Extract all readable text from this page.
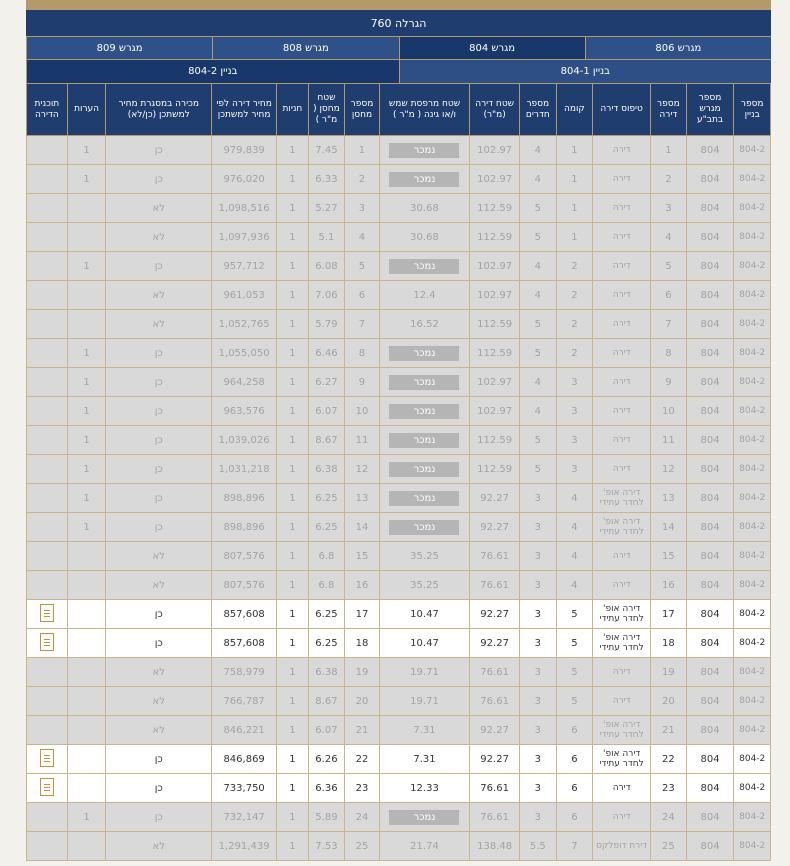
הגרלה 760
מגרש 806
מגרש 804
מגרש 808
מגרש 809
בניין 804-1
בניין 804-2
מספר בניין	מספר מגרש בתב"ע	מספר דירה	טיפוס דירה	קומה	מספר חדרים	שטח דירה (מ"ר)	שטח מרפסת שמש ו/או גינה ( מ"ר )	מספר מחסן	שטח מחסן ( מ"ר )	חניות	מחיר דירה לפי מחיר למשתכן	מכירה במסגרת מחיר למשתכן (כן/לא)	הערות	תוכנית הדירה
804-2	804	1	דירה	1	4	102.97	נמכר	1	7.45	1	979,839	כן	1	
804-2	804	2	דירה	1	4	102.97	נמכר	2	6.33	1	976,020	כן	1	
804-2	804	3	דירה	1	5	112.59	30.68	3	5.27	1	1,098,516	לא		
804-2	804	4	דירה	1	5	112.59	30.68	4	5.1	1	1,097,936	לא		
804-2	804	5	דירה	2	4	102.97	נמכר	5	6.08	1	957,712	כן	1	
804-2	804	6	דירה	2	4	102.97	12.4	6	7.06	1	961,053	לא		
804-2	804	7	דירה	2	5	112.59	16.52	7	5.79	1	1,052,765	לא		
804-2	804	8	דירה	2	5	112.59	נמכר	8	6.46	1	1,055,050	כן	1	
804-2	804	9	דירה	3	4	102.97	נמכר	9	6.27	1	964,258	כן	1	
804-2	804	10	דירה	3	4	102.97	נמכר	10	6.07	1	963,576	כן	1	
804-2	804	11	דירה	3	5	112.59	נמכר	11	8.67	1	1,039,026	כן	1	
804-2	804	12	דירה	3	5	112.59	נמכר	12	6.38	1	1,031,218	כן	1	
804-2	804	13	דירה אופ' לחדר עתידי	4	3	92.27	נמכר	13	6.25	1	898,896	כן	1	
804-2	804	14	דירה אופ' לחדר עתידי	4	3	92.27	נמכר	14	6.25	1	898,896	כן	1	
804-2	804	15	דירה	4	3	76.61	35.25	15	6.8	1	807,576	לא		
804-2	804	16	דירה	4	3	76.61	35.25	16	6.8	1	807,576	לא		
804-2	804	17	דירה אופ' לחדר עתידי	5	3	92.27	10.47	17	6.25	1	857,608	כן		
804-2	804	18	דירה אופ' לחדר עתידי	5	3	92.27	10.47	18	6.25	1	857,608	כן		
804-2	804	19	דירה	5	3	76.61	19.71	19	6.38	1	758,979	לא		
804-2	804	20	דירה	5	3	76.61	19.71	20	8.67	1	766,787	לא		
804-2	804	21	דירה אופ' לחדר עתידי	6	3	92.27	7.31	21	6.07	1	846,221	לא		
804-2	804	22	דירה אופ' לחדר עתידי	6	3	92.27	7.31	22	6.26	1	846,869	כן		
804-2	804	23	דירה	6	3	76.61	12.33	23	6.36	1	733,750	כן		
804-2	804	24	דירה	6	3	76.61	נמכר	24	5.89	1	732,147	כן	1	
804-2	804	25	דירת דופלקס	7	5.5	138.48	21.74	25	7.53	1	1,291,439	לא		
